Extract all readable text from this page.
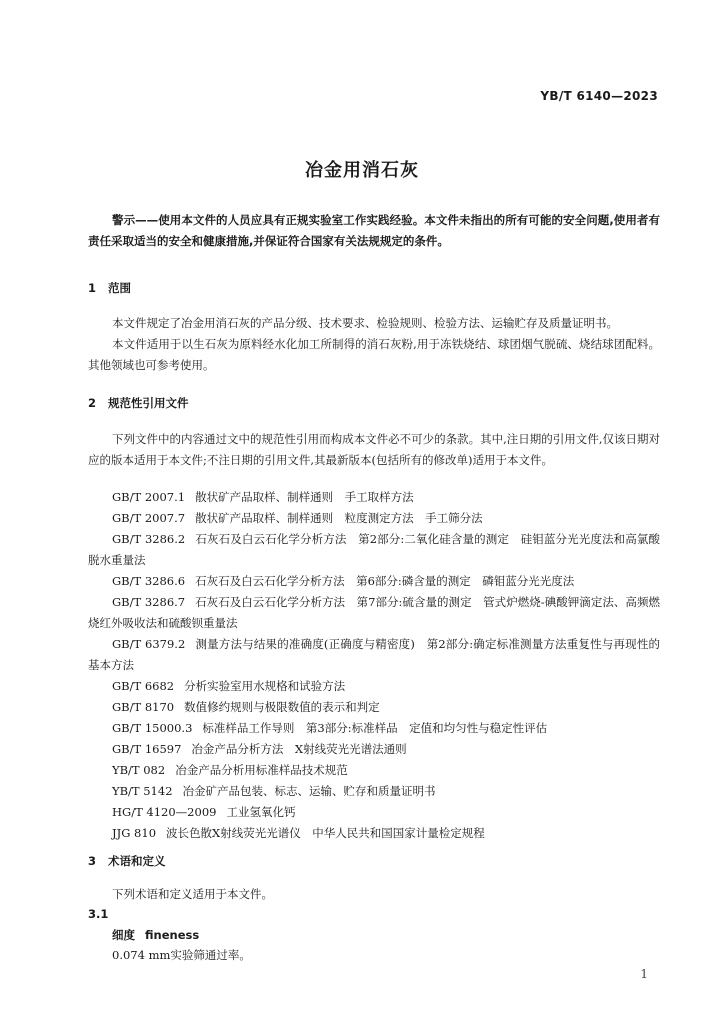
YB/T 6140—2023
冶金用消石灰
警示——使用本文件的人员应具有正规实验室工作实践经验。本文件未指出的所有可能的安全问题,使用者有责任采取适当的安全和健康措施,并保证符合国家有关法规规定的条件。
1 范围
本文件规定了冶金用消石灰的产品分级、技术要求、检验规则、检验方法、运输贮存及质量证明书。
本文件适用于以生石灰为原料经水化加工所制得的消石灰粉,用于冻铁烧结、球团烟气脱硫、烧结球团配料。其他领域也可参考使用。
2 规范性引用文件
下列文件中的内容通过文中的规范性引用而构成本文件必不可少的条款。其中,注日期的引用文件,仅该日期对应的版本适用于本文件;不注日期的引用文件,其最新版本(包括所有的修改单)适用于本文件。
GB/T 2007.1 散状矿产品取样、制样通则　手工取样方法
GB/T 2007.7 散状矿产品取样、制样通则　粒度测定方法　手工筛分法
GB/T 3286.2 石灰石及白云石化学分析方法　第2部分:二氧化硅含量的测定　硅钼蓝分光光度法和高氯酸脱水重量法
GB/T 3286.6 石灰石及白云石化学分析方法　第6部分:磷含量的测定　磷钼蓝分光光度法
GB/T 3286.7 石灰石及白云石化学分析方法　第7部分:硫含量的测定　管式炉燃烧-碘酸钾滴定法、高频燃烧红外吸收法和硫酸钡重量法
GB/T 6379.2 测量方法与结果的准确度(正确度与精密度)　第2部分:确定标准测量方法重复性与再现性的基本方法
GB/T 6682 分析实验室用水规格和试验方法
GB/T 8170 数值修约规则与极限数值的表示和判定
GB/T 15000.3 标准样品工作导则　第3部分:标准样品　定值和均匀性与稳定性评估
GB/T 16597 冶金产品分析方法　X射线荧光光谱法通则
YB/T 082 冶金产品分析用标准样品技术规范
YB/T 5142 冶金矿产品包装、标志、运输、贮存和质量证明书
HG/T 4120—2009 工业氢氧化钙
JJG 810 波长色散X射线荧光光谱仪　中华人民共和国国家计量检定规程
3 术语和定义
下列术语和定义适用于本文件。
3.1
细度 fineness
0.074 mm实验筛通过率。
1
